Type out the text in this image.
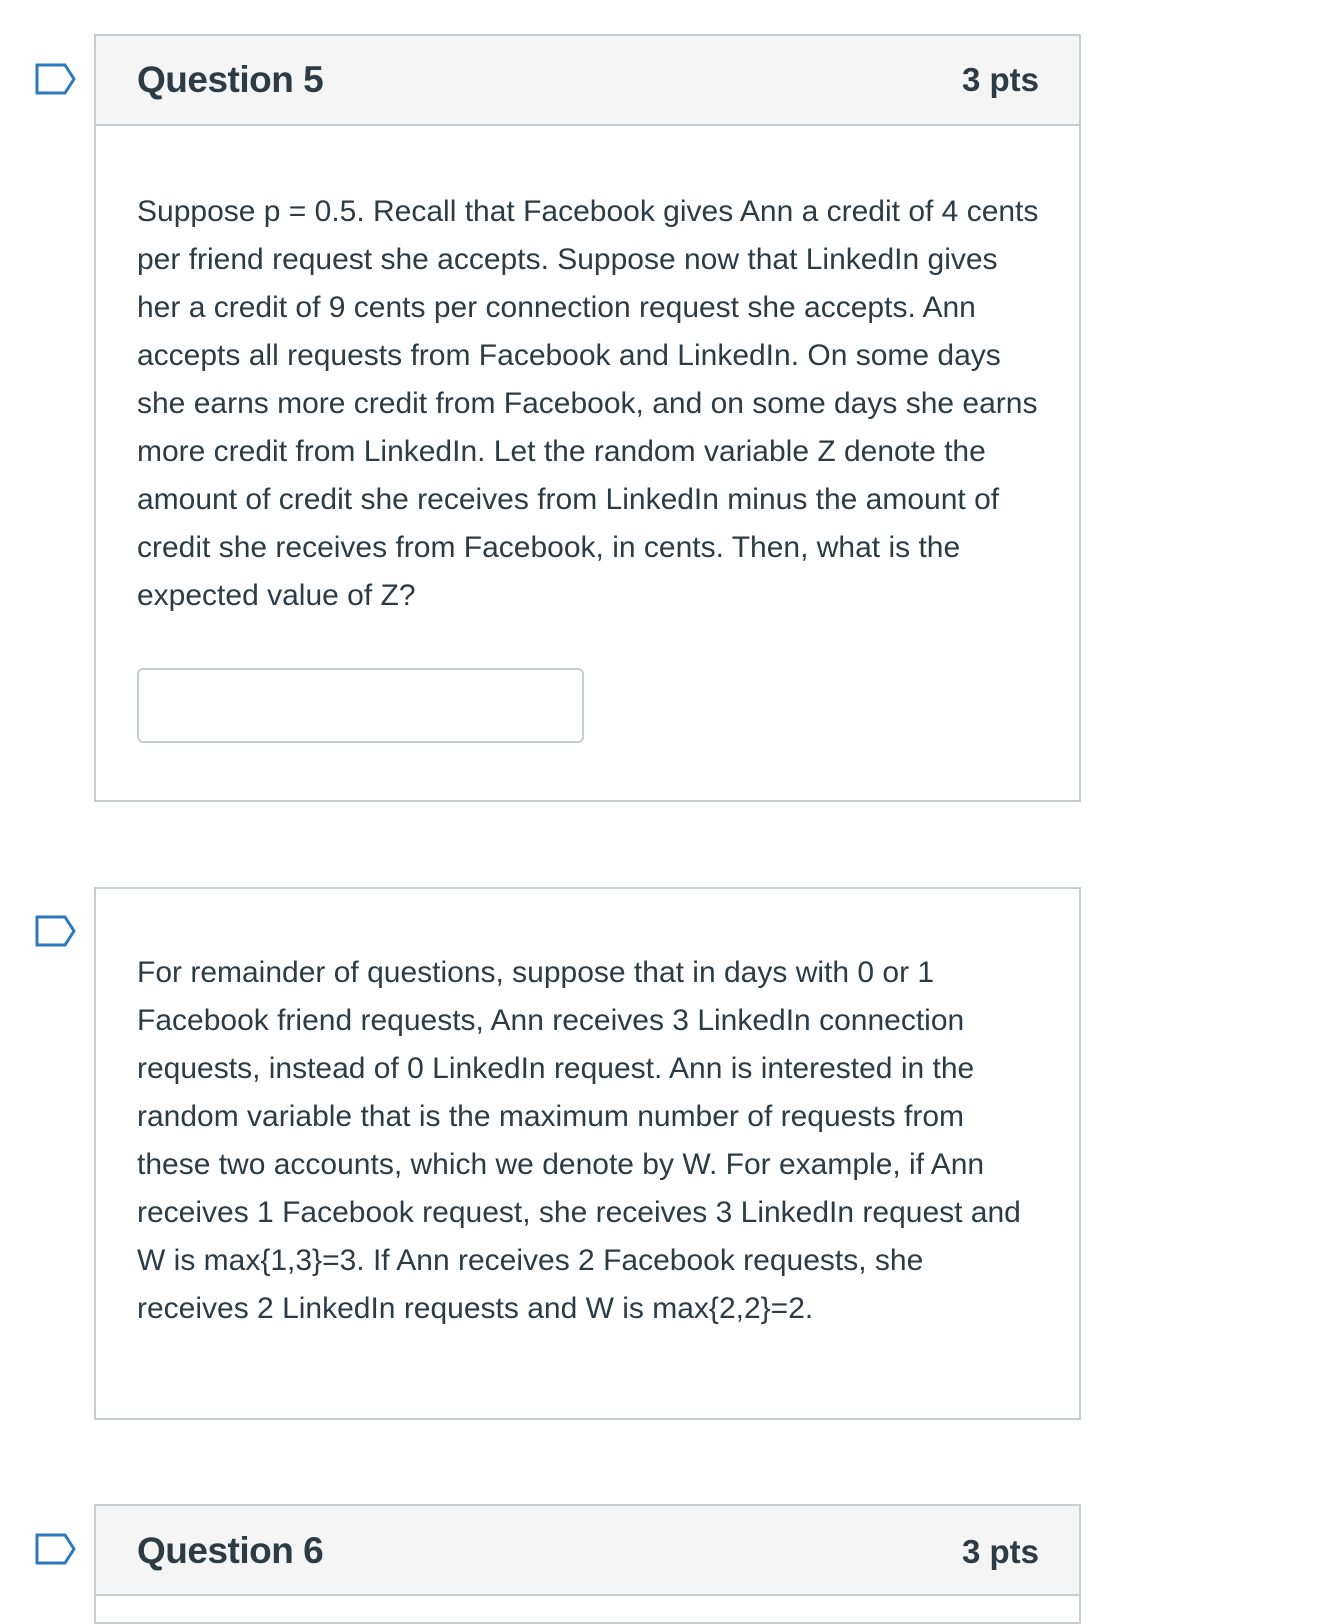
Question 5	3 pts

Suppose p = 0.5. Recall that Facebook gives Ann a credit of 4 cents per friend request she accepts. Suppose now that LinkedIn gives her a credit of 9 cents per connection request she accepts. Ann accepts all requests from Facebook and LinkedIn. On some days she earns more credit from Facebook, and on some days she earns more credit from LinkedIn. Let the random variable Z denote the amount of credit she receives from LinkedIn minus the amount of credit she receives from Facebook, in cents. Then, what is the expected value of Z?

For remainder of questions, suppose that in days with 0 or 1 Facebook friend requests, Ann receives 3 LinkedIn connection requests, instead of 0 LinkedIn request. Ann is interested in the random variable that is the maximum number of requests from these two accounts, which we denote by W. For example, if Ann receives 1 Facebook request, she receives 3 LinkedIn request and W is max{1,3}=3. If Ann receives 2 Facebook requests, she receives 2 LinkedIn requests and W is max{2,2}=2.

Question 6	3 pts
